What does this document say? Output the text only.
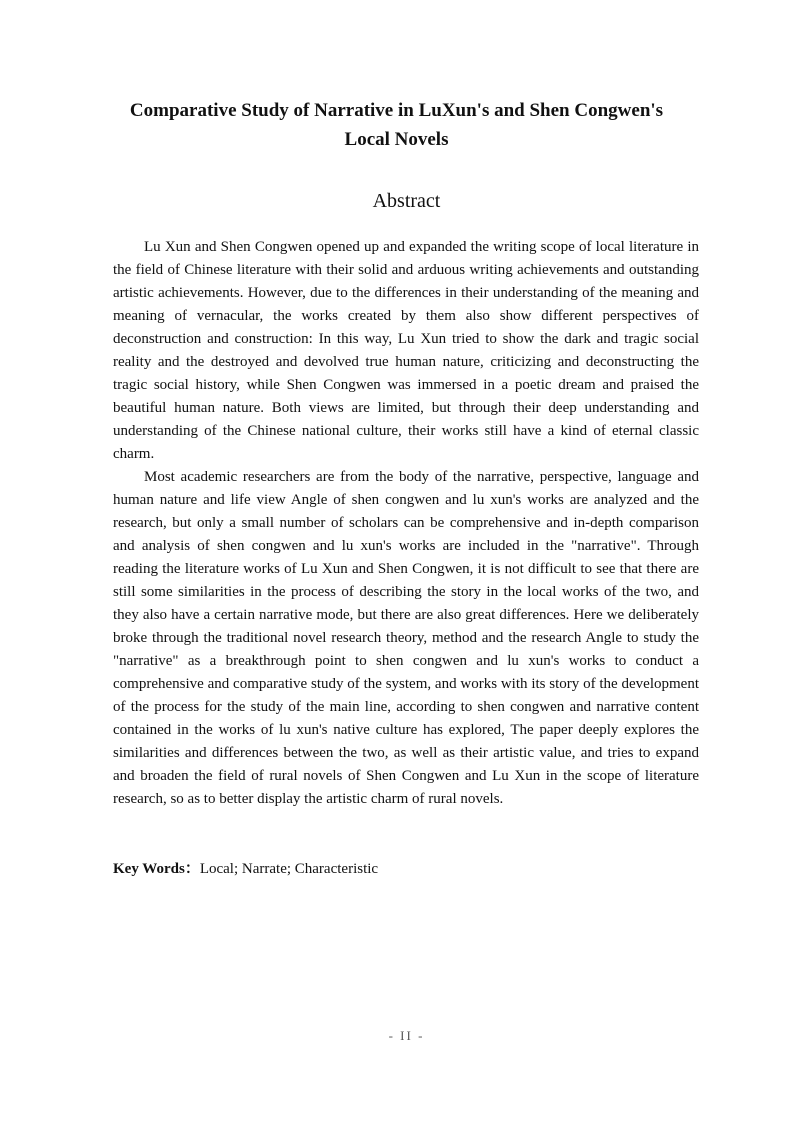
Comparative Study of Narrative in LuXun's and Shen Congwen's
Local Novels
Abstract

Lu Xun and Shen Congwen opened up and expanded the writing scope of local literature in the field of Chinese literature with their solid and arduous writing achievements and outstanding artistic achievements. However, due to the differences in their understanding of the meaning and meaning of vernacular, the works created by them also show different perspectives of deconstruction and construction: In this way, Lu Xun tried to show the dark and tragic social reality and the destroyed and devolved true human nature, criticizing and deconstructing the tragic social history, while Shen Congwen was immersed in a poetic dream and praised the beautiful human nature. Both views are limited, but through their deep understanding and understanding of the Chinese national culture, their works still have a kind of eternal classic charm.

Most academic researchers are from the body of the narrative, perspective, language and human nature and life view Angle of shen congwen and lu xun's works are analyzed and the research, but only a small number of scholars can be comprehensive and in-depth comparison and analysis of shen congwen and lu xun's works are included in the "narrative". Through reading the literature works of Lu Xun and Shen Congwen, it is not difficult to see that there are still some similarities in the process of describing the story in the local works of the two, and they also have a certain narrative mode, but there are also great differences. Here we deliberately broke through the traditional novel research theory, method and the research Angle to study the "narrative" as a breakthrough point to shen congwen and lu xun's works to conduct a comprehensive and comparative study of the system, and works with its story of the development of the process for the study of the main line, according to shen congwen and narrative content contained in the works of lu xun's native culture has explored, The paper deeply explores the similarities and differences between the two, as well as their artistic value, and tries to expand and broaden the field of rural novels of Shen Congwen and Lu Xun in the scope of literature research, so as to better display the artistic charm of rural novels.

Key Words：Local; Narrate; Characteristic
- II -
